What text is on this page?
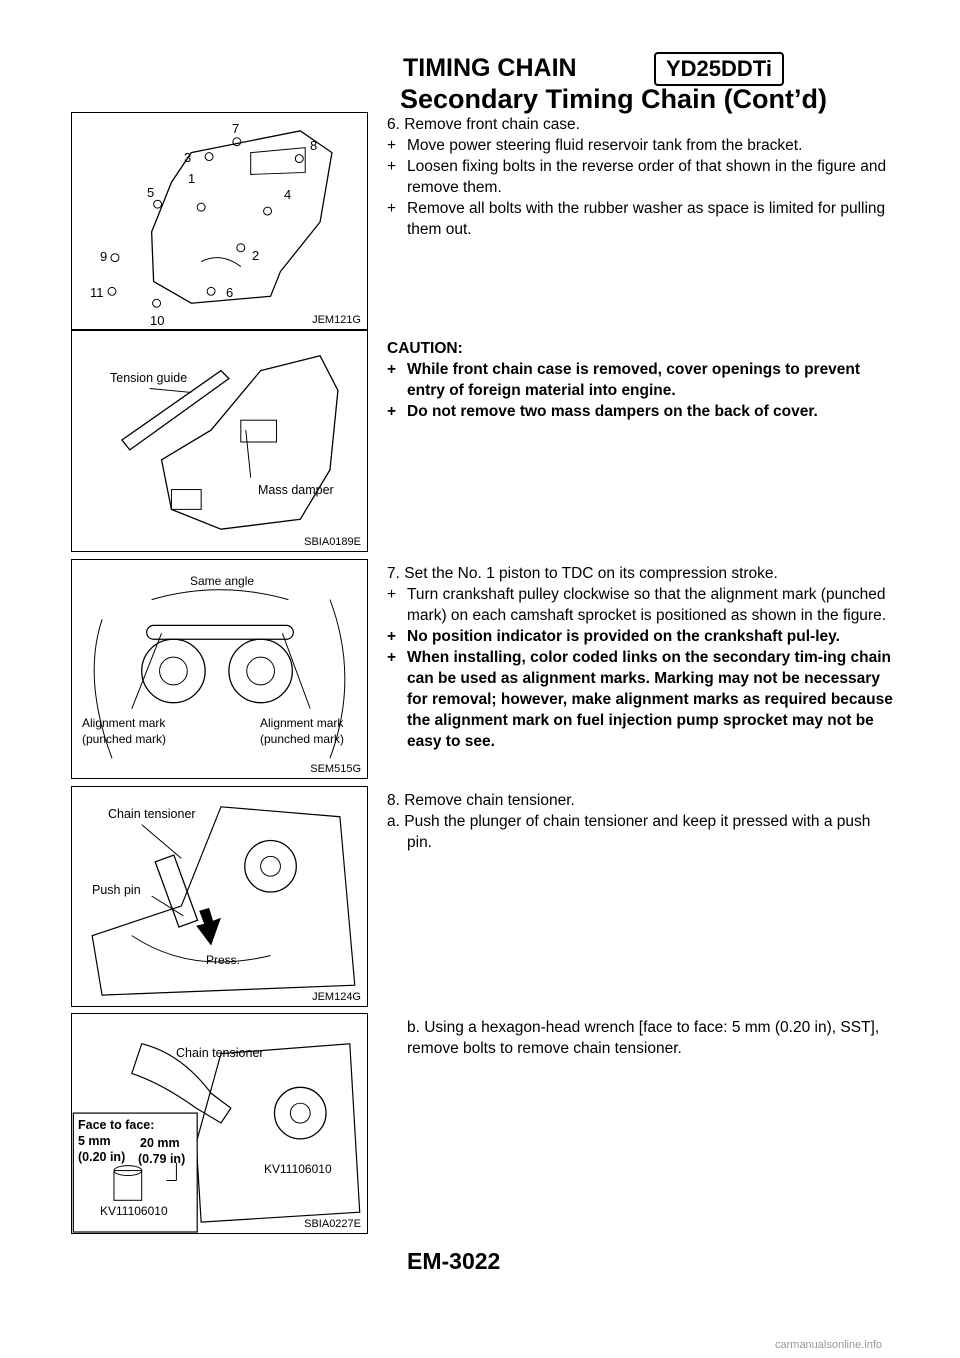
TIMING CHAIN	YD25DDTi
Secondary Timing Chain (Cont’d)
7
3
8
1
5	4
9	2
11	6
10	JEM121G
Tension guide
Mass damper
SBIA0189E
Same angle
Alignment mark
(punched mark)
Alignment mark
(punched mark)
SEM515G
Chain tensioner
Push pin
Press.
JEM124G
Chain tensioner
Face to face:
5 mm
(0.20 in)
20 mm
(0.79 in)
KV11106010
KV11106010
SBIA0227E

6. Remove front chain case.

+ Move power steering fluid reservoir tank from the bracket.
+ Loosen fixing bolts in the reverse order of that shown in the figure and remove them.
+ Remove all bolts with the rubber washer as space is limited for pulling them out.

CAUTION:

+ While front chain case is removed, cover openings to prevent entry of foreign material into engine.
+ Do not remove two mass dampers on the back of cover.

7. Set the No. 1 piston to TDC on its compression stroke.

+ Turn crankshaft pulley clockwise so that the alignment mark (punched mark) on each camshaft sprocket is positioned as shown in the figure.
+ No position indicator is provided on the crankshaft pul-ley.
+ When installing, color coded links on the secondary tim-ing chain can be used as alignment marks. Marking may not be necessary for removal; however, make alignment marks as required because the alignment mark on fuel injection pump sprocket may not be easy to see.

8. Remove chain tensioner.

a. Push the plunger of chain tensioner and keep it pressed with a push pin.

b. Using a hexagon-head wrench [face to face: 5 mm (0.20 in), SST], remove bolts to remove chain tensioner.

EM-3022
carmanualsonline.info
